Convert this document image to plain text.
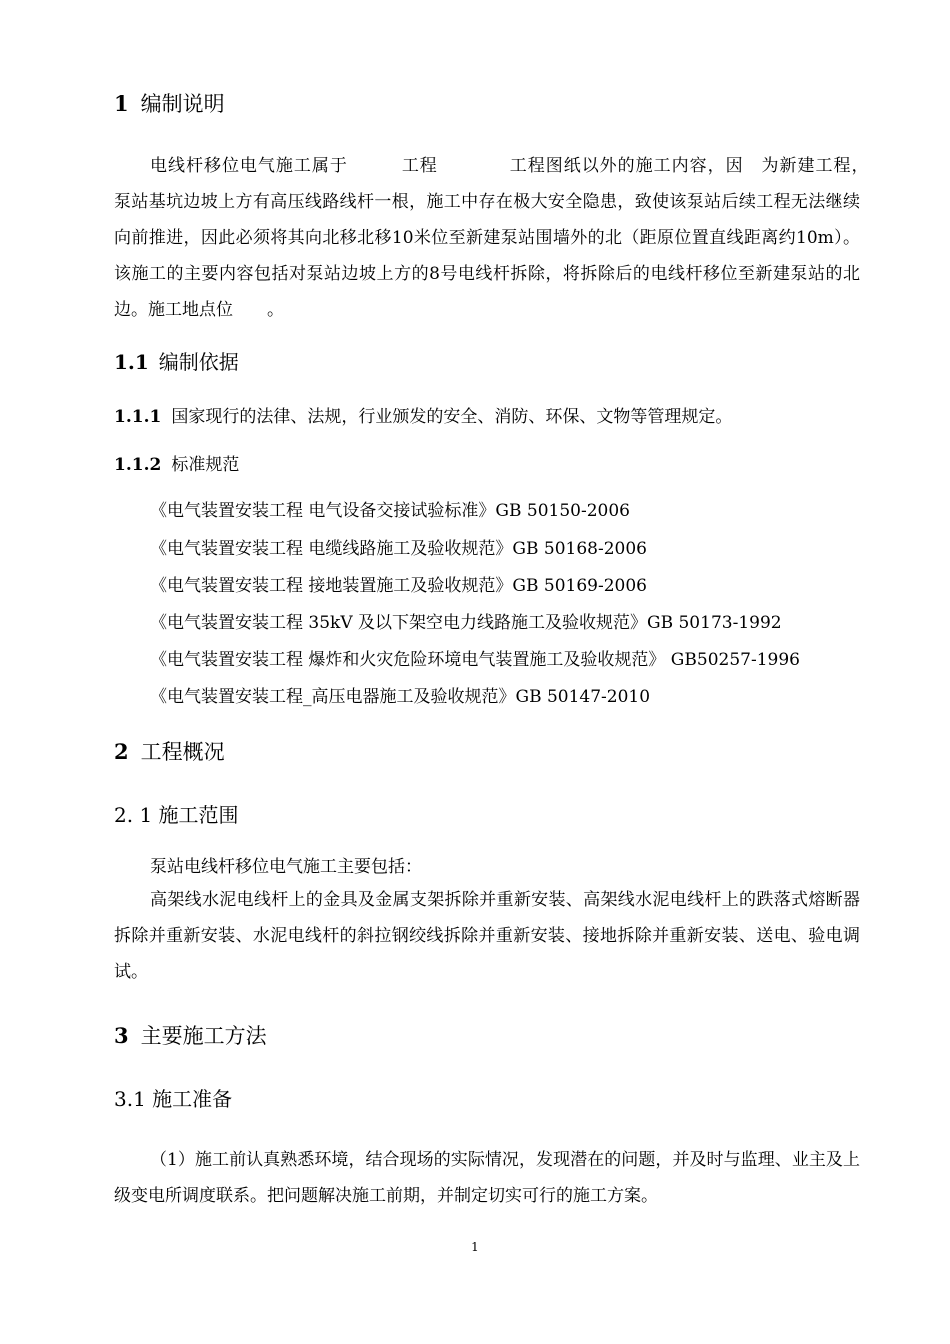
1 编制说明
电线杆移位电气施工属于　　　工程　　　　工程图纸以外的施工内容，因　为新建工程，　　泵站基坑边坡上方有高压线路线杆一根，施工中存在极大安全隐患，致使该泵站后续工程无法继续向前推进，因此必须将其向北移北移10米位至新建泵站围墙外的北（距原位置直线距离约10m）。该施工的主要内容包括对泵站边坡上方的8号电线杆拆除，将拆除后的电线杆移位至新建泵站的北边。施工地点位　　。
1.1 编制依据
1.1.1 国家现行的法律、法规，行业颁发的安全、消防、环保、文物等管理规定。
1.1.2 标准规范
《电气装置安装工程 电气设备交接试验标准》GB 50150-2006
《电气装置安装工程 电缆线路施工及验收规范》GB 50168-2006
《电气装置安装工程 接地装置施工及验收规范》GB 50169-2006
《电气装置安装工程 35kV 及以下架空电力线路施工及验收规范》GB 50173-1992
《电气装置安装工程 爆炸和火灾危险环境电气装置施工及验收规范》 GB50257-1996
《电气装置安装工程_高压电器施工及验收规范》GB 50147-2010
2 工程概况
2. 1 施工范围
泵站电线杆移位电气施工主要包括：
高架线水泥电线杆上的金具及金属支架拆除并重新安装、高架线水泥电线杆上的跌落式熔断器拆除并重新安装、水泥电线杆的斜拉钢绞线拆除并重新安装、接地拆除并重新安装、送电、验电调试。
3 主要施工方法
3.1 施工准备
（1）施工前认真熟悉环境，结合现场的实际情况，发现潜在的问题，并及时与监理、业主及上级变电所调度联系。把问题解决施工前期，并制定切实可行的施工方案。
1
